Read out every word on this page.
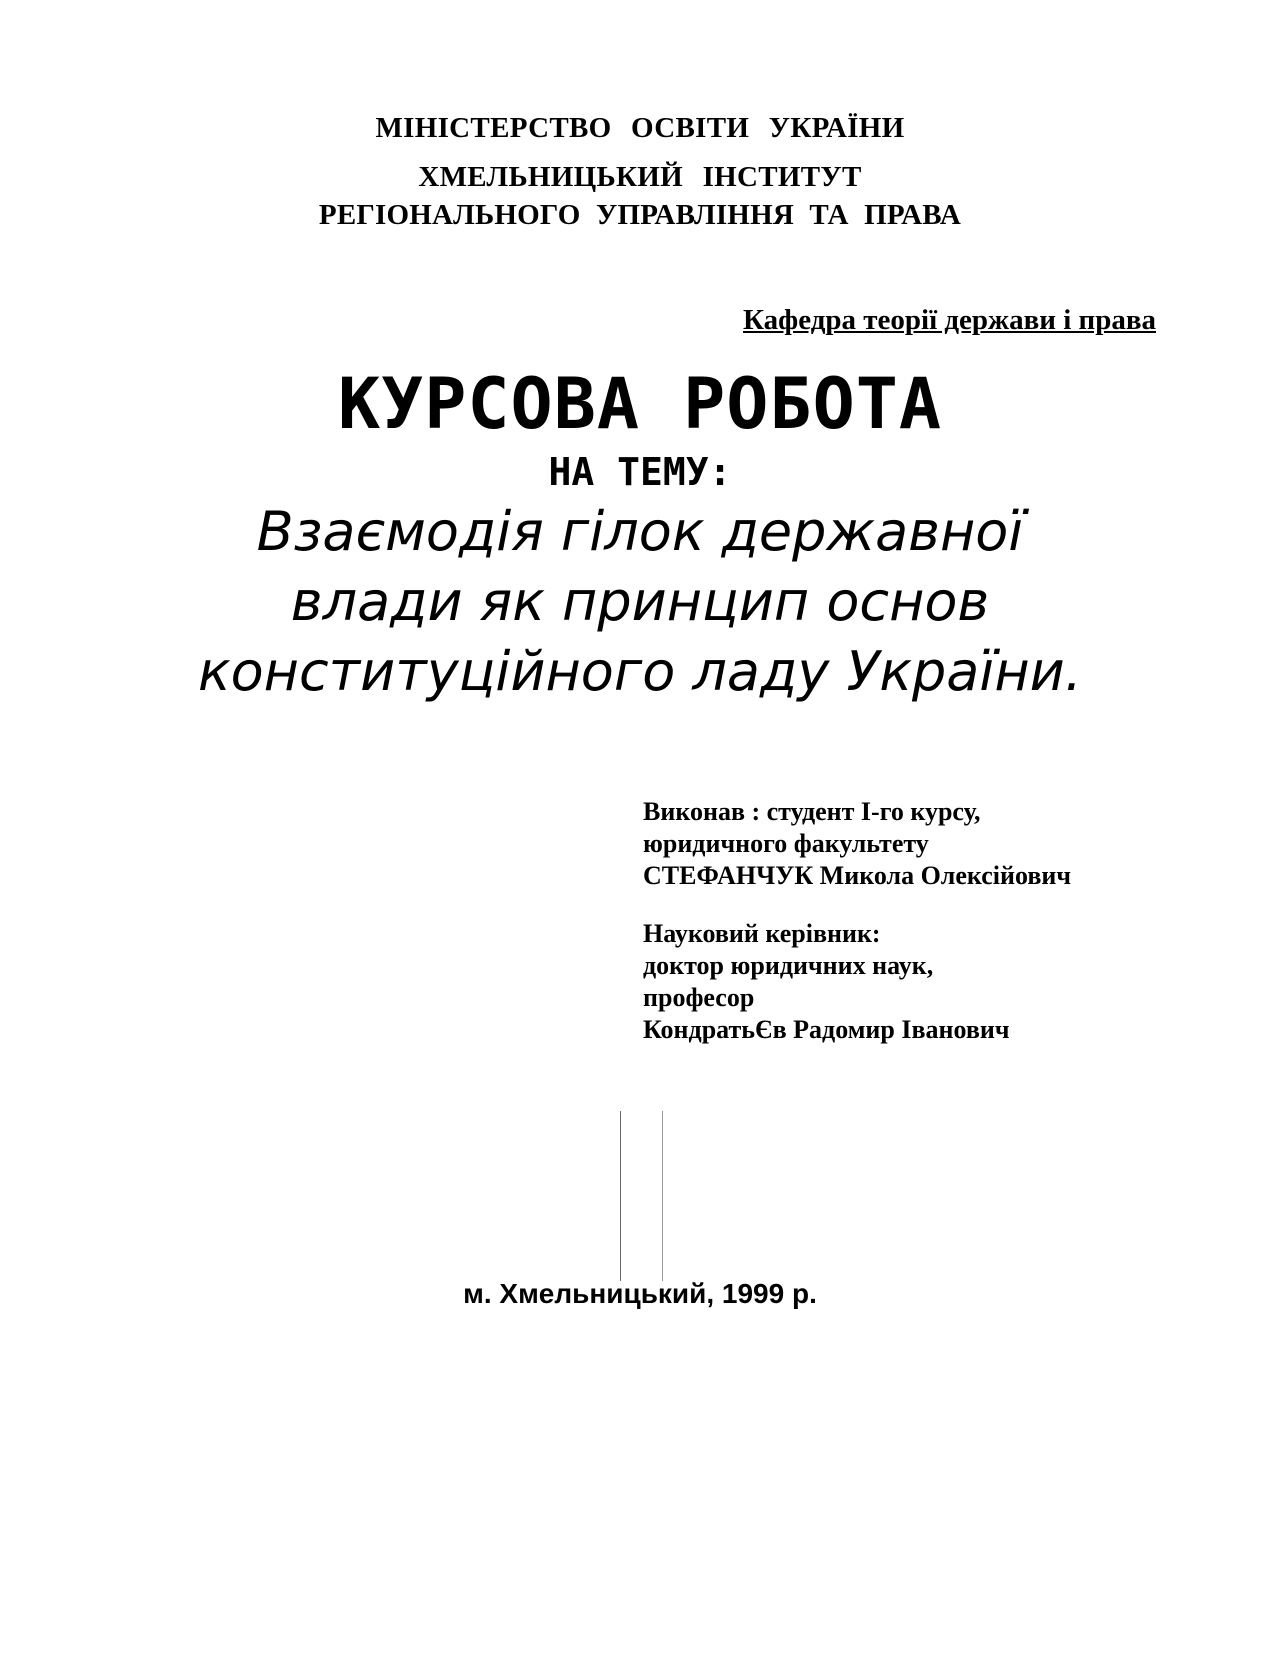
МІНІСТЕРСТВО ОСВІТИ УКРАЇНИ
ХМЕЛЬНИЦЬКИЙ ІНСТИТУТ
РЕГІОНАЛЬНОГО УПРАВЛІННЯ ТА ПРАВА
Кафедра теорії держави і права
КУРСОВА РОБОТА
НА ТЕМУ:
Взаємодія гілок державної
влади як принцип основ
конституційного ладу України.
Виконав : студент I-го курсу,
юридичного факультету
СТЕФАНЧУК Микола Олексійович
Науковий керівник:
доктор юридичних наук,
професор
КондратьЄв Радомир Іванович
м. Хмельницький, 1999 р.
